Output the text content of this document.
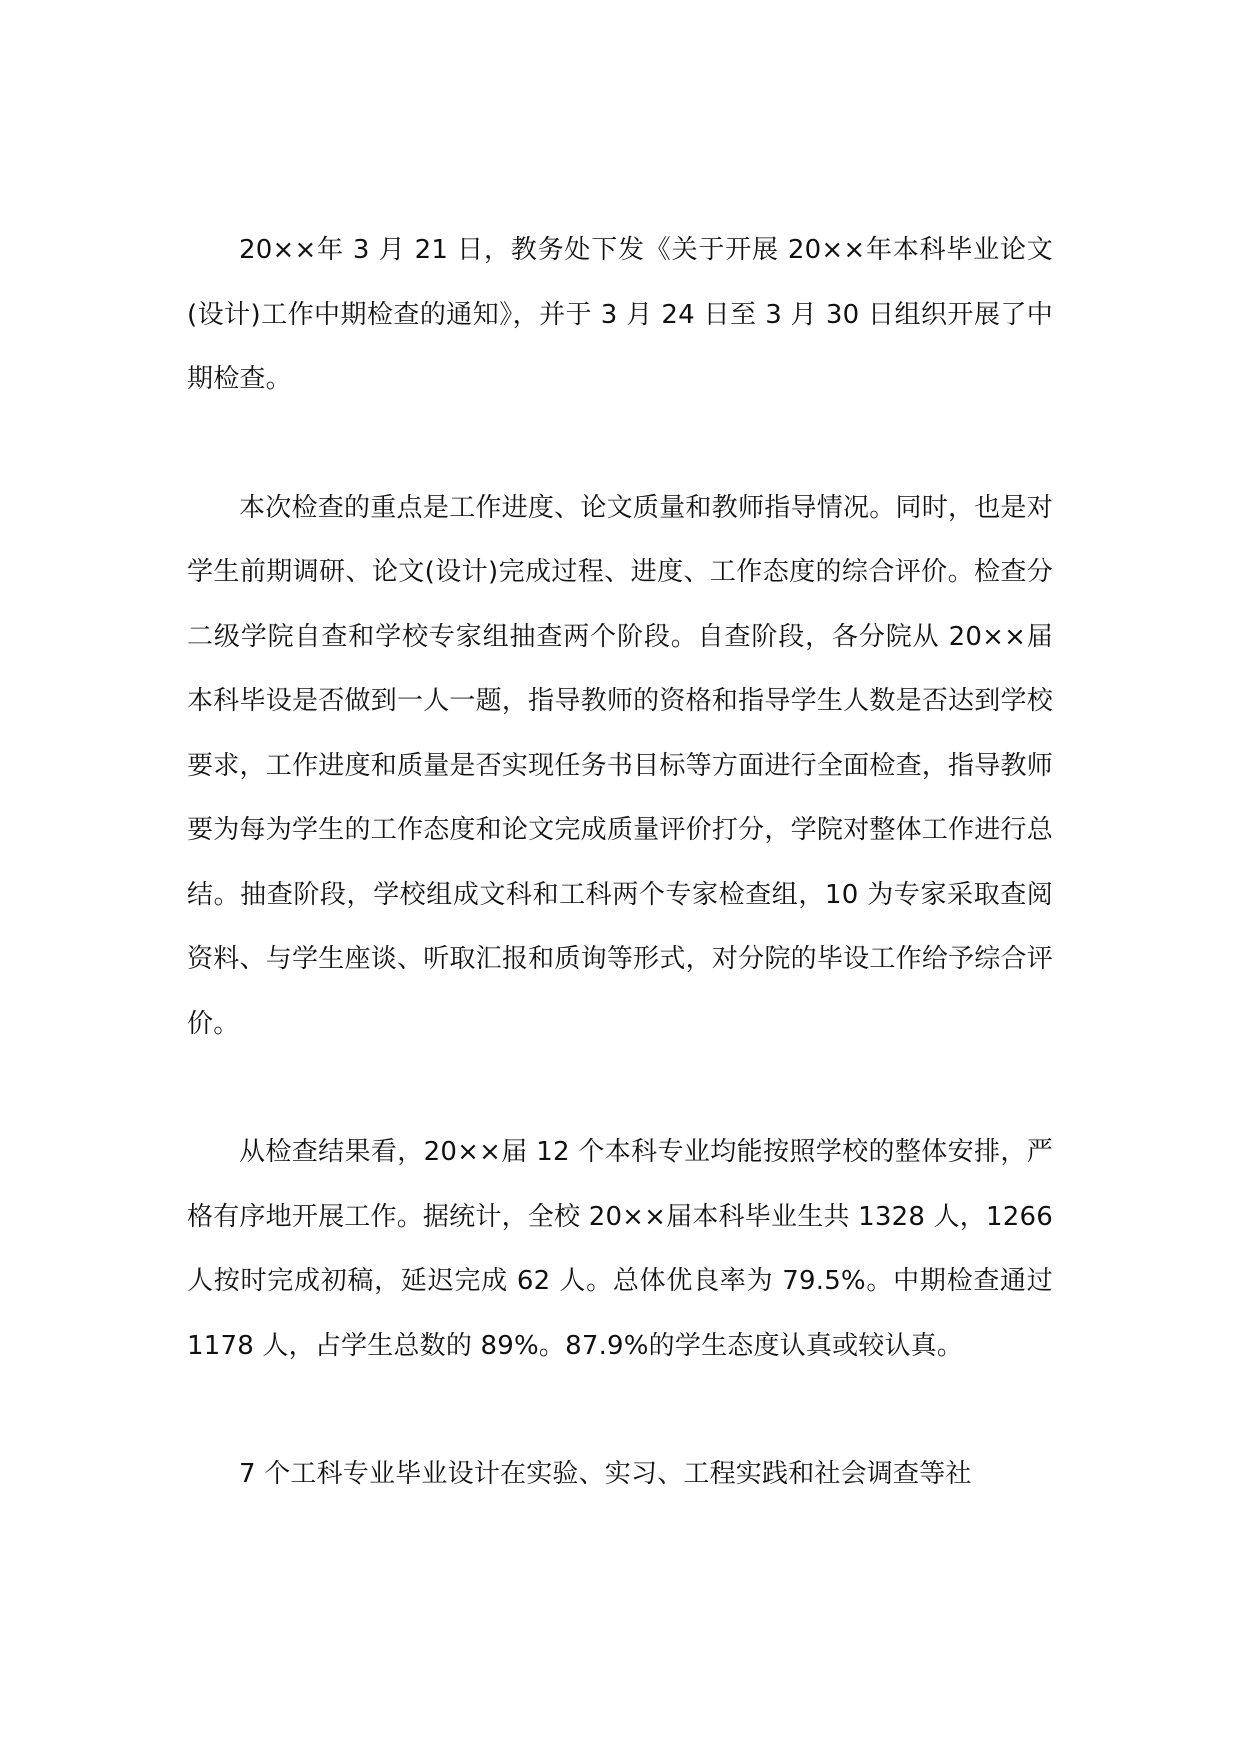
20××年 3 月 21 日，教务处下发《关于开展 20××年本科毕业论文(设计)工作中期检查的通知》，并于 3 月 24 日至 3 月 30 日组织开展了中期检查。

本次检查的重点是工作进度、论文质量和教师指导情况。同时，也是对学生前期调研、论文(设计)完成过程、进度、工作态度的综合评价。检查分二级学院自查和学校专家组抽查两个阶段。自查阶段，各分院从 20××届本科毕设是否做到一人一题，指导教师的资格和指导学生人数是否达到学校要求，工作进度和质量是否实现任务书目标等方面进行全面检查，指导教师要为每为学生的工作态度和论文完成质量评价打分，学院对整体工作进行总结。抽查阶段，学校组成文科和工科两个专家检查组，10 为专家采取查阅资料、与学生座谈、听取汇报和质询等形式，对分院的毕设工作给予综合评价。

从检查结果看，20××届 12 个本科专业均能按照学校的整体安排，严格有序地开展工作。据统计，全校 20××届本科毕业生共 1328 人，1266 人按时完成初稿，延迟完成 62 人。总体优良率为 79.5%。中期检查通过 1178 人，占学生总数的 89%。87.9%的学生态度认真或较认真。

7 个工科专业毕业设计在实验、实习、工程实践和社会调查等社
